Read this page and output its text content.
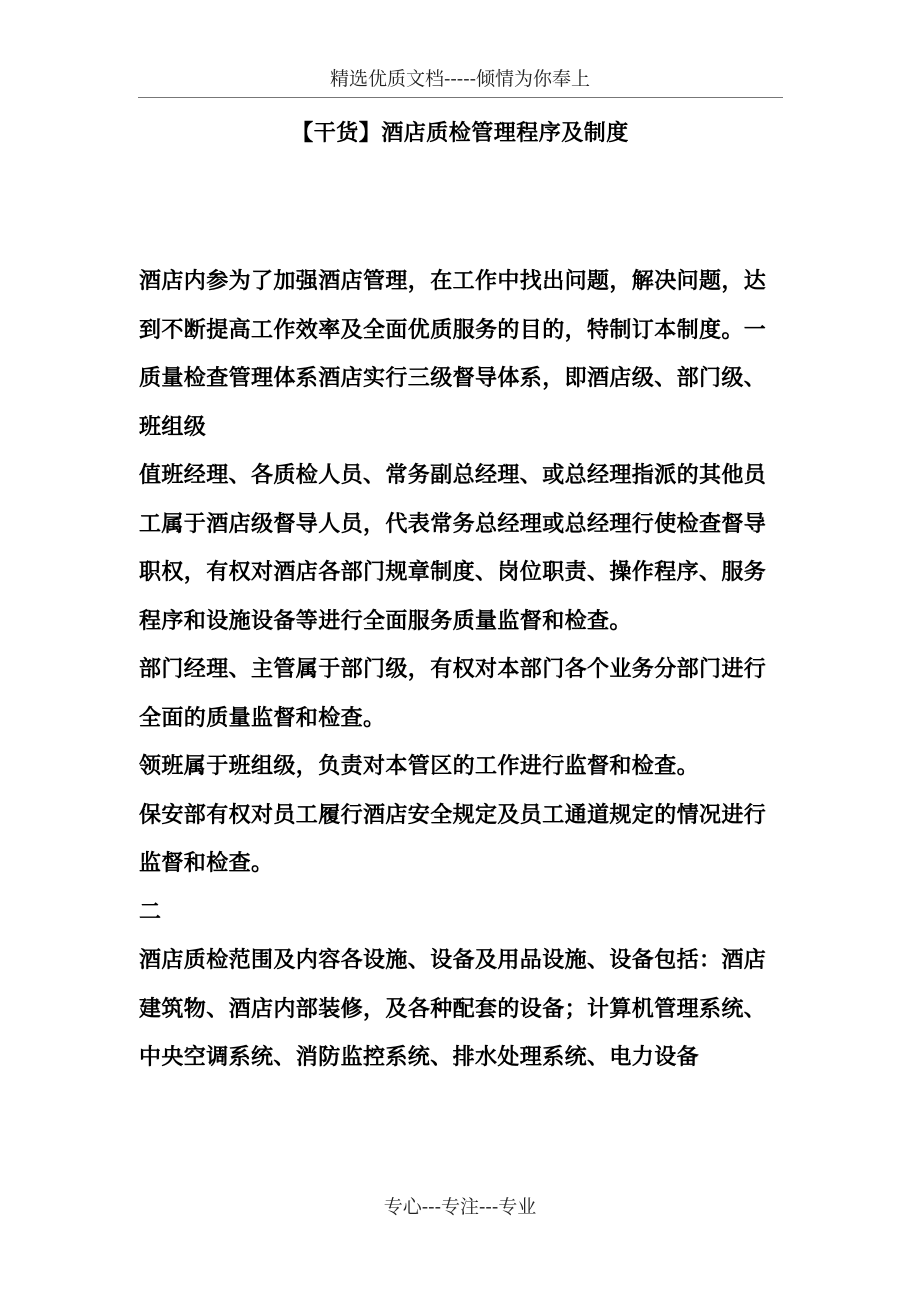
精选优质文档-----倾情为你奉上
【干货】酒店质检管理程序及制度

酒店内参为了加强酒店管理，在工作中找出问题，解决问题，达到不断提高工作效率及全面优质服务的目的，特制订本制度。一

质量检查管理体系酒店实行三级督导体系，即酒店级、部门级、班组级

值班经理、各质检人员、常务副总经理、或总经理指派的其他员工属于酒店级督导人员，代表常务总经理或总经理行使检查督导职权，有权对酒店各部门规章制度、岗位职责、操作程序、服务程序和设施设备等进行全面服务质量监督和检查。

部门经理、主管属于部门级，有权对本部门各个业务分部门进行全面的质量监督和检查。

领班属于班组级，负责对本管区的工作进行监督和检查。

保安部有权对员工履行酒店安全规定及员工通道规定的情况进行监督和检查。

二

酒店质检范围及内容各设施、设备及用品设施、设备包括：酒店建筑物、酒店内部装修，及各种配套的设备；计算机管理系统、中央空调系统、消防监控系统、排水处理系统、电力设备

专心---专注---专业
